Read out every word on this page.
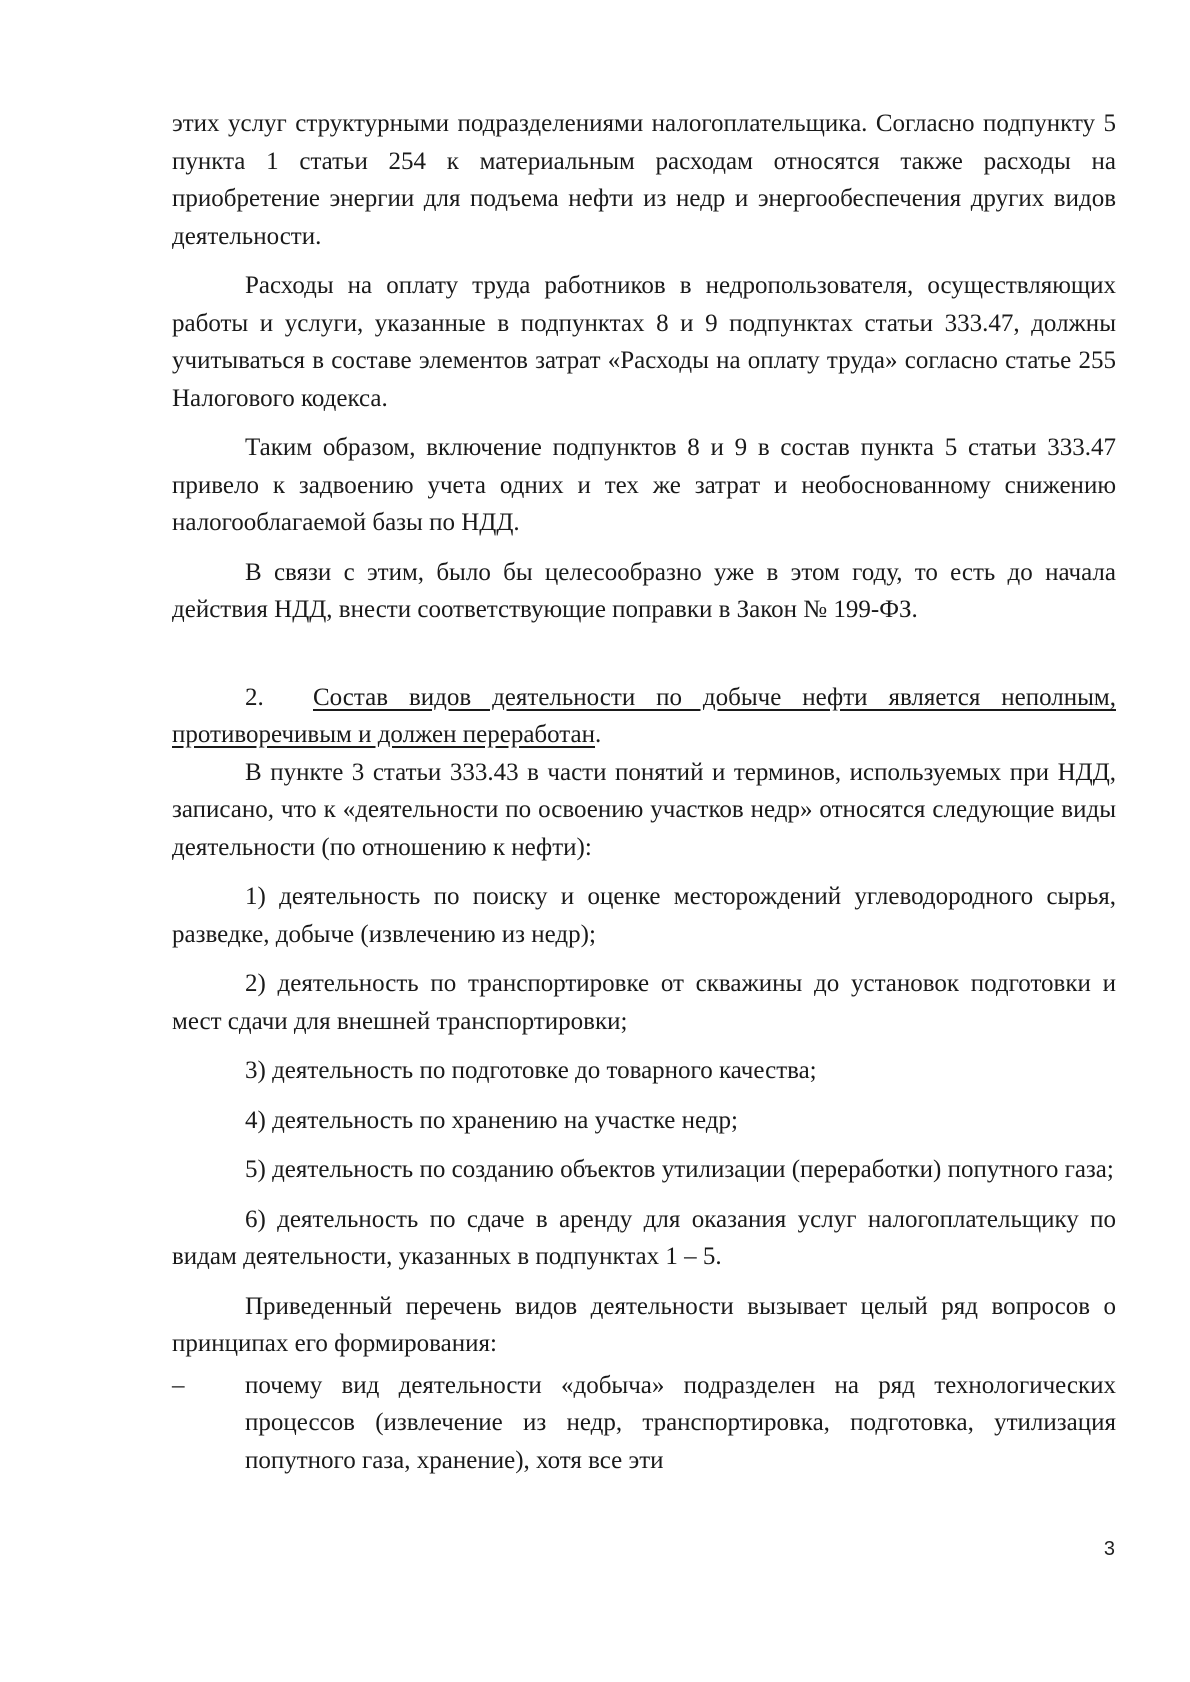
этих услуг структурными подразделениями налогоплательщика. Согласно подпункту 5 пункта 1 статьи 254 к материальным расходам относятся также расходы на приобретение энергии для подъема нефти из недр и энергообеспечения других видов деятельности.

Расходы на оплату труда работников в недропользователя, осуществляющих работы и услуги, указанные в подпунктах 8 и 9 подпунктах статьи 333.47, должны учитываться в составе элементов затрат «Расходы на оплату труда» согласно статье 255 Налогового кодекса.

Таким образом, включение подпунктов 8 и 9 в состав пункта 5 статьи 333.47 привело к задвоению учета одних и тех же затрат и необоснованному снижению налогооблагаемой базы по НДД.

В связи с этим, было бы целесообразно уже в этом году, то есть до начала действия НДД, внести соответствующие поправки в Закон № 199-ФЗ.

2. Состав видов деятельности по добыче нефти является неполным, противоречивым и должен переработан.

В пункте 3 статьи 333.43 в части понятий и терминов, используемых при НДД, записано, что к «деятельности по освоению участков недр» относятся следующие виды деятельности (по отношению к нефти):

1) деятельность по поиску и оценке месторождений углеводородного сырья, разведке, добыче (извлечению из недр);

2) деятельность по транспортировке от скважины до установок подготовки и мест сдачи для внешней транспортировки;

3) деятельность по подготовке до товарного качества;

4) деятельность по хранению на участке недр;

5) деятельность по созданию объектов утилизации (переработки) попутного газа;

6) деятельность по сдаче в аренду для оказания услуг налогоплательщику по видам деятельности, указанных в подпунктах 1 – 5.

Приведенный перечень видов деятельности вызывает целый ряд вопросов о принципах его формирования:

–	почему вид деятельности «добыча» подразделен на ряд технологических процессов (извлечение из недр, транспортировка, подготовка, утилизация попутного газа, хранение), хотя все эти

3
